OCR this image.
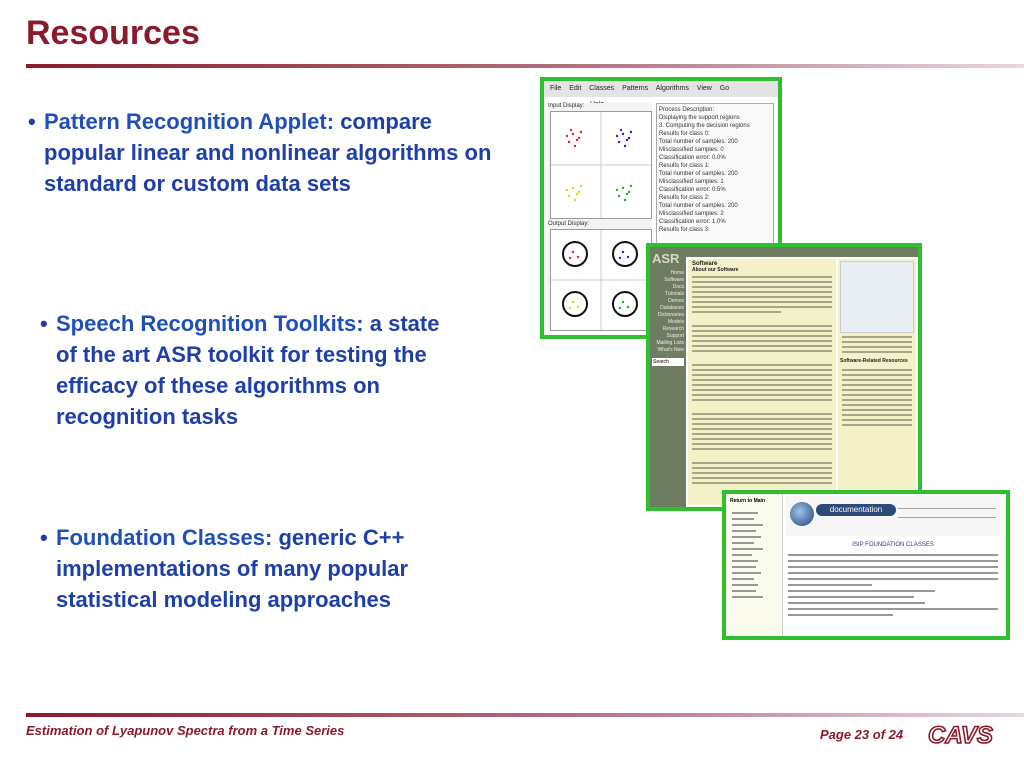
Resources
• Pattern Recognition Applet: compare popular linear and nonlinear algorithms on standard or custom data sets
• Speech Recognition Toolkits: a state of the art ASR toolkit for testing the efficacy of these algorithms on recognition tasks
• Foundation Classes: generic C++ implementations of many popular statistical modeling approaches
File Edit Classes Patterns Algorithms View Go
Input Display:
Output Display:
Process Description:
Displaying the support regions
3. Computing the decision regions
Results for class 0:
Total number of samples: 200
Misclassified samples: 0
Classification error: 0.0%
Results for class 1:
Total number of samples: 200
Misclassified samples: 1
Classification error: 0.5%
Results for class 2:
Total number of samples: 200
Misclassified samples: 2
Classification error: 1.0%
Results for class 3:
ASR
Home
Software
Docs
Tutorials
Demos
Databases
Dictionaries
Models
Research
Support
Mailing Lists
What's New
Search
Software
About our Software
Software-Related Resources
Return to Main
documentation
ISIP FOUNDATION CLASSES
Estimation of Lyapunov Spectra from a Time Series	Page 23 of 24 CAVS
